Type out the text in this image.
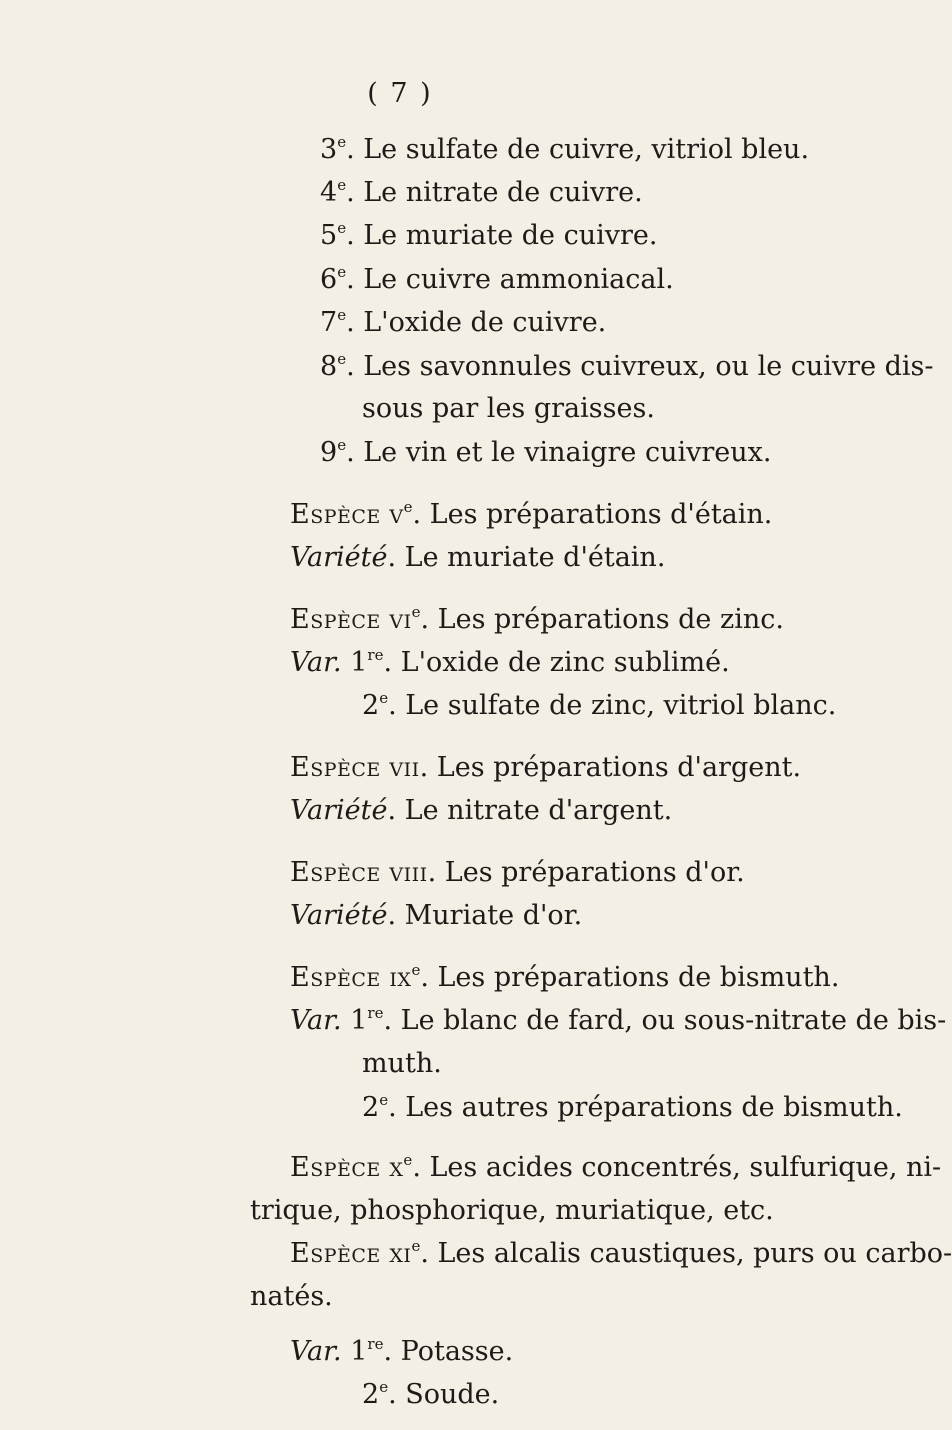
( 7 )
3e. Le sulfate de cuivre, vitriol bleu.
4e. Le nitrate de cuivre.
5e. Le muriate de cuivre.
6e. Le cuivre ammoniacal.
7e. L'oxide de cuivre.
8e. Les savonnules cuivreux, ou le cuivre dis-
sous par les graisses.
9e. Le vin et le vinaigre cuivreux.
Espèce $v^e$. Les préparations d'étain.
Variété. Le muriate d'étain.
Espèce $vi^e$. Les préparations de zinc.
Var. 1re. L'oxide de zinc sublimé.
2e. Le sulfate de zinc, vitriol blanc.
Espèce vii. Les préparations d'argent.
Variété. Le nitrate d'argent.
Espèce viii. Les préparations d'or.
Variété. Muriate d'or.
Espèce $ix^e$. Les préparations de bismuth.
Var. 1re. Le blanc de fard, ou sous-nitrate de bis-
muth.
2e. Les autres préparations de bismuth.
Espèce $x^e$. Les acides concentrés, sulfurique, ni-
trique, phosphorique, muriatique, etc.
Espèce $xi^e$. Les alcalis caustiques, purs ou carbo-
natés.
Var. 1re. Potasse.
2e. Soude.
